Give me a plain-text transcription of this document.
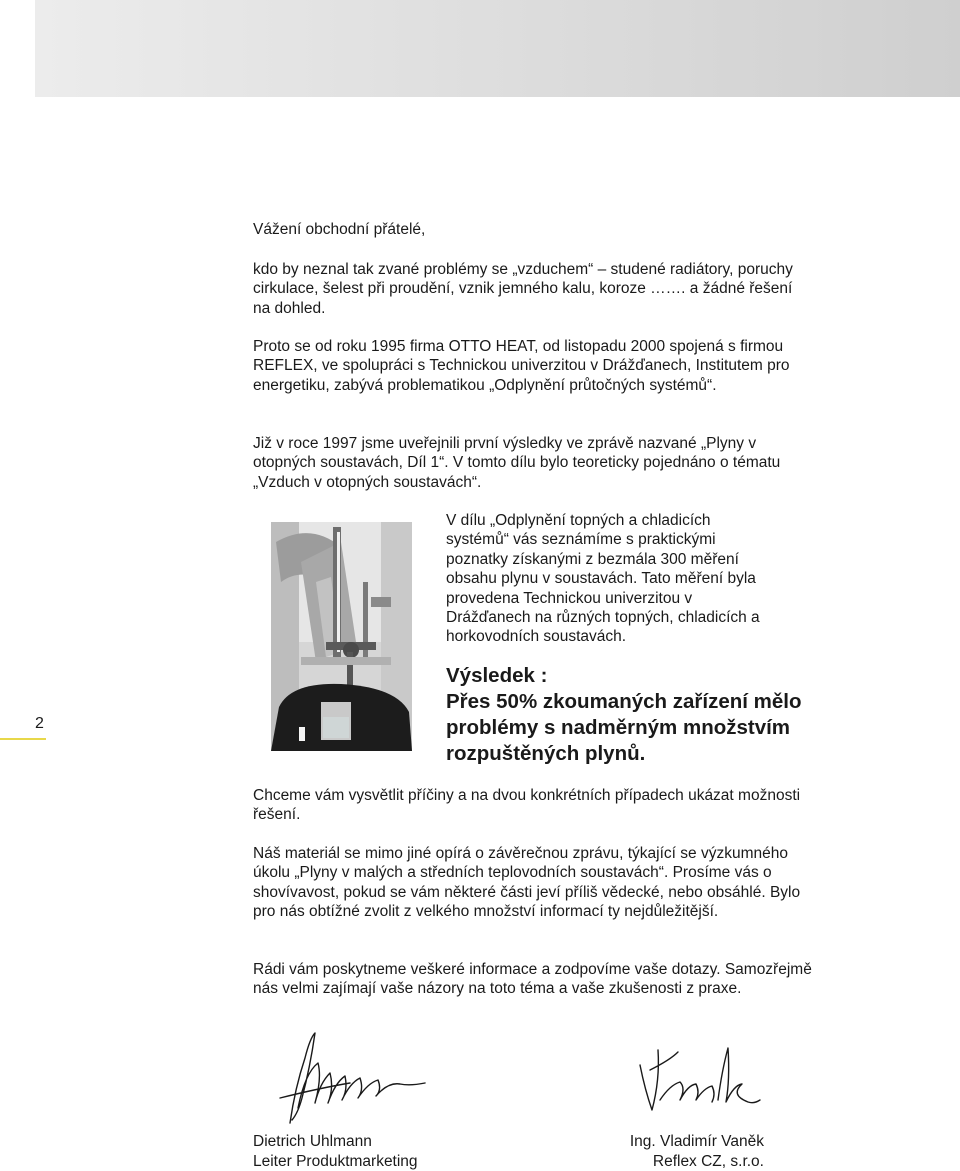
Vážení obchodní přátelé,

kdo by neznal tak zvané problémy se „vzduchem“ – studené radiátory, poruchy cirkulace, šelest při proudění, vznik jemného kalu, koroze ……. a žádné řešení na dohled.

Proto se od roku 1995 firma OTTO HEAT, od listopadu 2000 spojená s firmou REFLEX, ve spolupráci s Technickou univerzitou v Drážďanech, Institutem pro energetiku, zabývá problematikou „Odplynění průtočných systémů“.

Již v roce 1997 jsme uveřejnili první výsledky ve zprávě nazvané „Plyny v otopných soustavách, Díl 1“. V tomto dílu bylo teoreticky pojednáno o tématu „Vzduch v otopných soustavách“.

V dílu „Odplynění topných a chladicích systémů“ vás seznámíme s praktickými poznatky získanými z bezmála 300 měření obsahu plynu v soustavách. Tato měření byla provedena Technickou univerzitou v Drážďanech na různých topných, chladicích a horkovodních soustavách.

Výsledek :

Přes 50% zkoumaných zařízení mělo problémy s nadměrným množstvím rozpuštěných plynů.

2

Chceme vám vysvětlit příčiny a na dvou konkrétních případech ukázat možnosti řešení.

Náš materiál se mimo jiné opírá o závěrečnou zprávu, týkající se výzkumného úkolu „Plyny v malých a středních teplovodních soustavách“. Prosíme vás o shovívavost, pokud se vám některé části jeví příliš vědecké, nebo obsáhlé. Bylo pro nás obtížné zvolit z velkého množství informací ty nejdůležitější.

Rádi vám poskytneme veškeré informace a zodpovíme vaše dotazy. Samozřejmě nás velmi zajímají vaše názory na toto téma a vaše zkušenosti z praxe.

Dietrich Uhlmann

Leiter Produktmarketing

Ing. Vladimír Vaněk

Reflex CZ, s.r.o.
